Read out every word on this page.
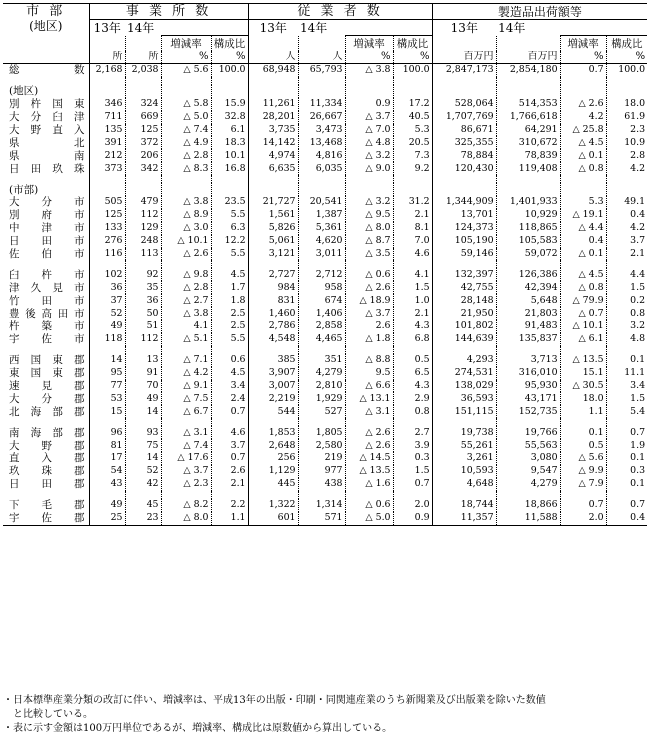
市 部	事 業 所 数				従 業 者 数				製造品出荷額等			
(地区)	13年	14年			13年	14年			13年	14年		
			増減率	構成比			増減率	構成比			増減率	構成比
	所	所	%	%	人	人	%	%	百万円	百万円	%	%
総 数	2,168	2,038	△ 5.6	100.0	68,948	65,793	△ 3.8	100.0	2,847,173	2,854,180	0.7	100.0

(地区)												
別 杵 国 東	346	324	△ 5.8	15.9	11,261	11,334	0.9	17.2	528,064	514,353	△ 2.6	18.0
大 分 臼 津	711	669	△ 5.0	32.8	28,201	26,667	△ 3.7	40.5	1,707,769	1,766,618	4.2	61.9
大 野 直 入	135	125	△ 7.4	6.1	3,735	3,473	△ 7.0	5.3	86,671	64,291	△ 25.8	2.3
県 北	391	372	△ 4.9	18.3	14,142	13,468	△ 4.8	20.5	325,355	310,672	△ 4.5	10.9
県 南	212	206	△ 2.8	10.1	4,974	4,816	△ 3.2	7.3	78,884	78,839	△ 0.1	2.8
日 田 玖 珠	373	342	△ 8.3	16.8	6,635	6,035	△ 9.0	9.2	120,430	119,408	△ 0.8	4.2

(市部)												
大 分 市	505	479	△ 3.8	23.5	21,727	20,541	△ 3.2	31.2	1,344,909	1,401,933	5.3	49.1
別 府 市	125	112	△ 8.9	5.5	1,561	1,387	△ 9.5	2.1	13,701	10,929	△ 19.1	0.4
中 津 市	133	129	△ 3.0	6.3	5,826	5,361	△ 8.0	8.1	124,373	118,865	△ 4.4	4.2
日 田 市	276	248	△ 10.1	12.2	5,061	4,620	△ 8.7	7.0	105,190	105,583	0.4	3.7
佐 伯 市	116	113	△ 2.6	5.5	3,121	3,011	△ 3.5	4.6	59,146	59,072	△ 0.1	2.1

臼 杵 市	102	92	△ 9.8	4.5	2,727	2,712	△ 0.6	4.1	132,397	126,386	△ 4.5	4.4
津 久 見 市	36	35	△ 2.8	1.7	984	958	△ 2.6	1.5	42,755	42,394	△ 0.8	1.5
竹 田 市	37	36	△ 2.7	1.8	831	674	△ 18.9	1.0	28,148	5,648	△ 79.9	0.2
豊後高田市	52	50	△ 3.8	2.5	1,460	1,406	△ 3.7	2.1	21,950	21,803	△ 0.7	0.8
杵 築 市	49	51	4.1	2.5	2,786	2,858	2.6	4.3	101,802	91,483	△ 10.1	3.2
宇 佐 市	118	112	△ 5.1	5.5	4,548	4,465	△ 1.8	6.8	144,639	135,837	△ 6.1	4.8

西 国 東 郡	14	13	△ 7.1	0.6	385	351	△ 8.8	0.5	4,293	3,713	△ 13.5	0.1
東 国 東 郡	95	91	△ 4.2	4.5	3,907	4,279	9.5	6.5	274,531	316,010	15.1	11.1
速 見 郡	77	70	△ 9.1	3.4	3,007	2,810	△ 6.6	4.3	138,029	95,930	△ 30.5	3.4
大 分 郡	53	49	△ 7.5	2.4	2,219	1,929	△ 13.1	2.9	36,593	43,171	18.0	1.5
北 海 部 郡	15	14	△ 6.7	0.7	544	527	△ 3.1	0.8	151,115	152,735	1.1	5.4

南 海 部 郡	96	93	△ 3.1	4.6	1,853	1,805	△ 2.6	2.7	19,738	19,766	0.1	0.7
大 野 郡	81	75	△ 7.4	3.7	2,648	2,580	△ 2.6	3.9	55,261	55,563	0.5	1.9
直 入 郡	17	14	△ 17.6	0.7	256	219	△ 14.5	0.3	3,261	3,080	△ 5.6	0.1
玖 珠 郡	54	52	△ 3.7	2.6	1,129	977	△ 13.5	1.5	10,593	9,547	△ 9.9	0.3
日 田 郡	43	42	△ 2.3	2.1	445	438	△ 1.6	0.7	4,648	4,279	△ 7.9	0.1

下 毛 郡	49	45	△ 8.2	2.2	1,322	1,314	△ 0.6	2.0	18,744	18,866	0.7	0.7
宇 佐 郡	25	23	△ 8.0	1.1	601	571	△ 5.0	0.9	11,357	11,588	2.0	0.4

・日本標準産業分類の改訂に伴い、増減率は、平成13年の出版・印刷・同関連産業のうち新聞業及び出版業を除いた数値

と比較している。

・表に示す金額は100万円単位であるが、増減率、構成比は原数値から算出している。
